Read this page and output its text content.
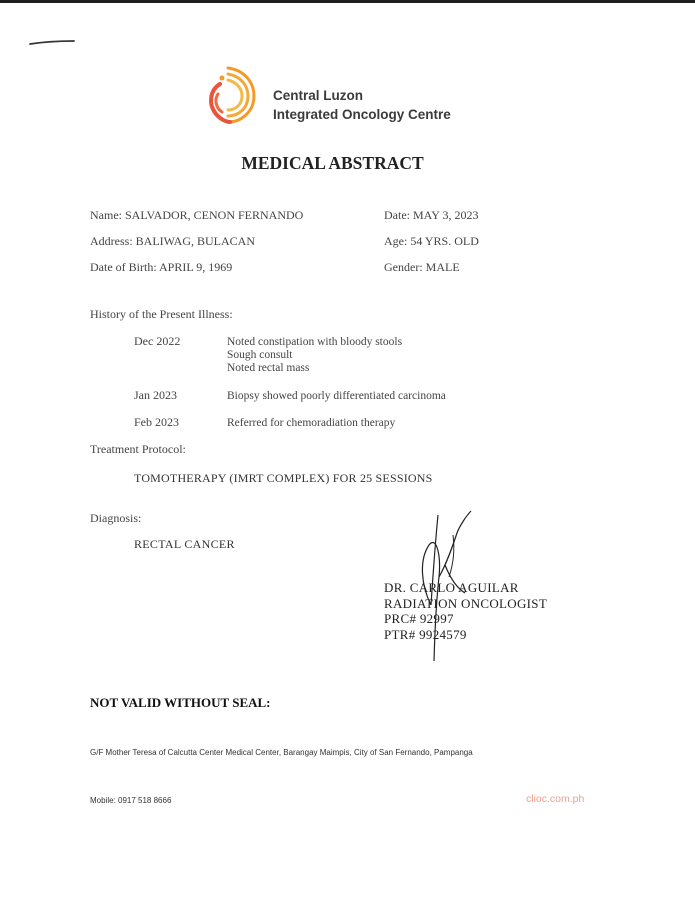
Central Luzon
Integrated Oncology Centre
MEDICAL ABSTRACT
Name: SALVADOR, CENON FERNANDO
Address: BALIWAG, BULACAN
Date of Birth: APRIL 9, 1969
Date: MAY 3, 2023
Age: 54 YRS. OLD
Gender: MALE
History of the Present Illness:
Dec 2022	Noted constipation with bloody stools
Sough consult
Noted rectal mass
Jan 2023	Biopsy showed poorly differentiated carcinoma
Feb 2023	Referred for chemoradiation therapy
Treatment Protocol:
TOMOTHERAPY (IMRT COMPLEX) FOR 25 SESSIONS
Diagnosis:
RECTAL CANCER
DR. CARLO AGUILAR
RADIATION ONCOLOGIST
PRC# 92997
PTR# 9924579
NOT VALID WITHOUT SEAL:
G/F Mother Teresa of Calcutta Center Medical Center, Barangay Maimpis, City of San Fernando, Pampanga
Mobile: 0917 518 8666	clioc.com.ph
